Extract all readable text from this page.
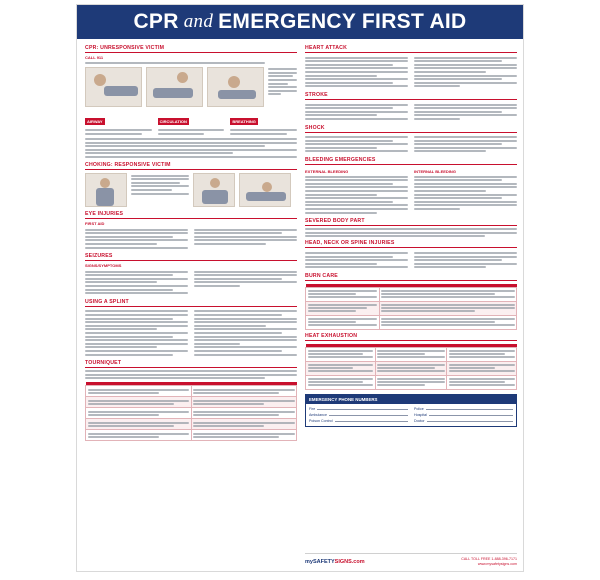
CPR and EMERGENCY FIRST AID
CPR: UNRESPONSIVE VICTIM
CALL 911
AIRWAY	CIRCULATION	BREATHING
CHOKING: RESPONSIVE VICTIM
EYE INJURIES
FIRST AID
SEIZURES
SIGNS/SYMPTOMS
USING A SPLINT
TOURNIQUET

HEART ATTACK
STROKE
SHOCK
BLEEDING EMERGENCIES
EXTERNAL BLEEDING	INTERNAL BLEEDING
SEVERED BODY PART
HEAD, NECK OR SPINE INJURIES
BURN CARE

HEAT EXHAUSTION

EMERGENCY PHONE NUMBERS
Fire	Police
Ambulance	Hospital
Poison Control	Doctor
mySAFETYSIGNS.com	CALL TOLL FREE 1-888-396-7171
www.mysafetysigns.com
